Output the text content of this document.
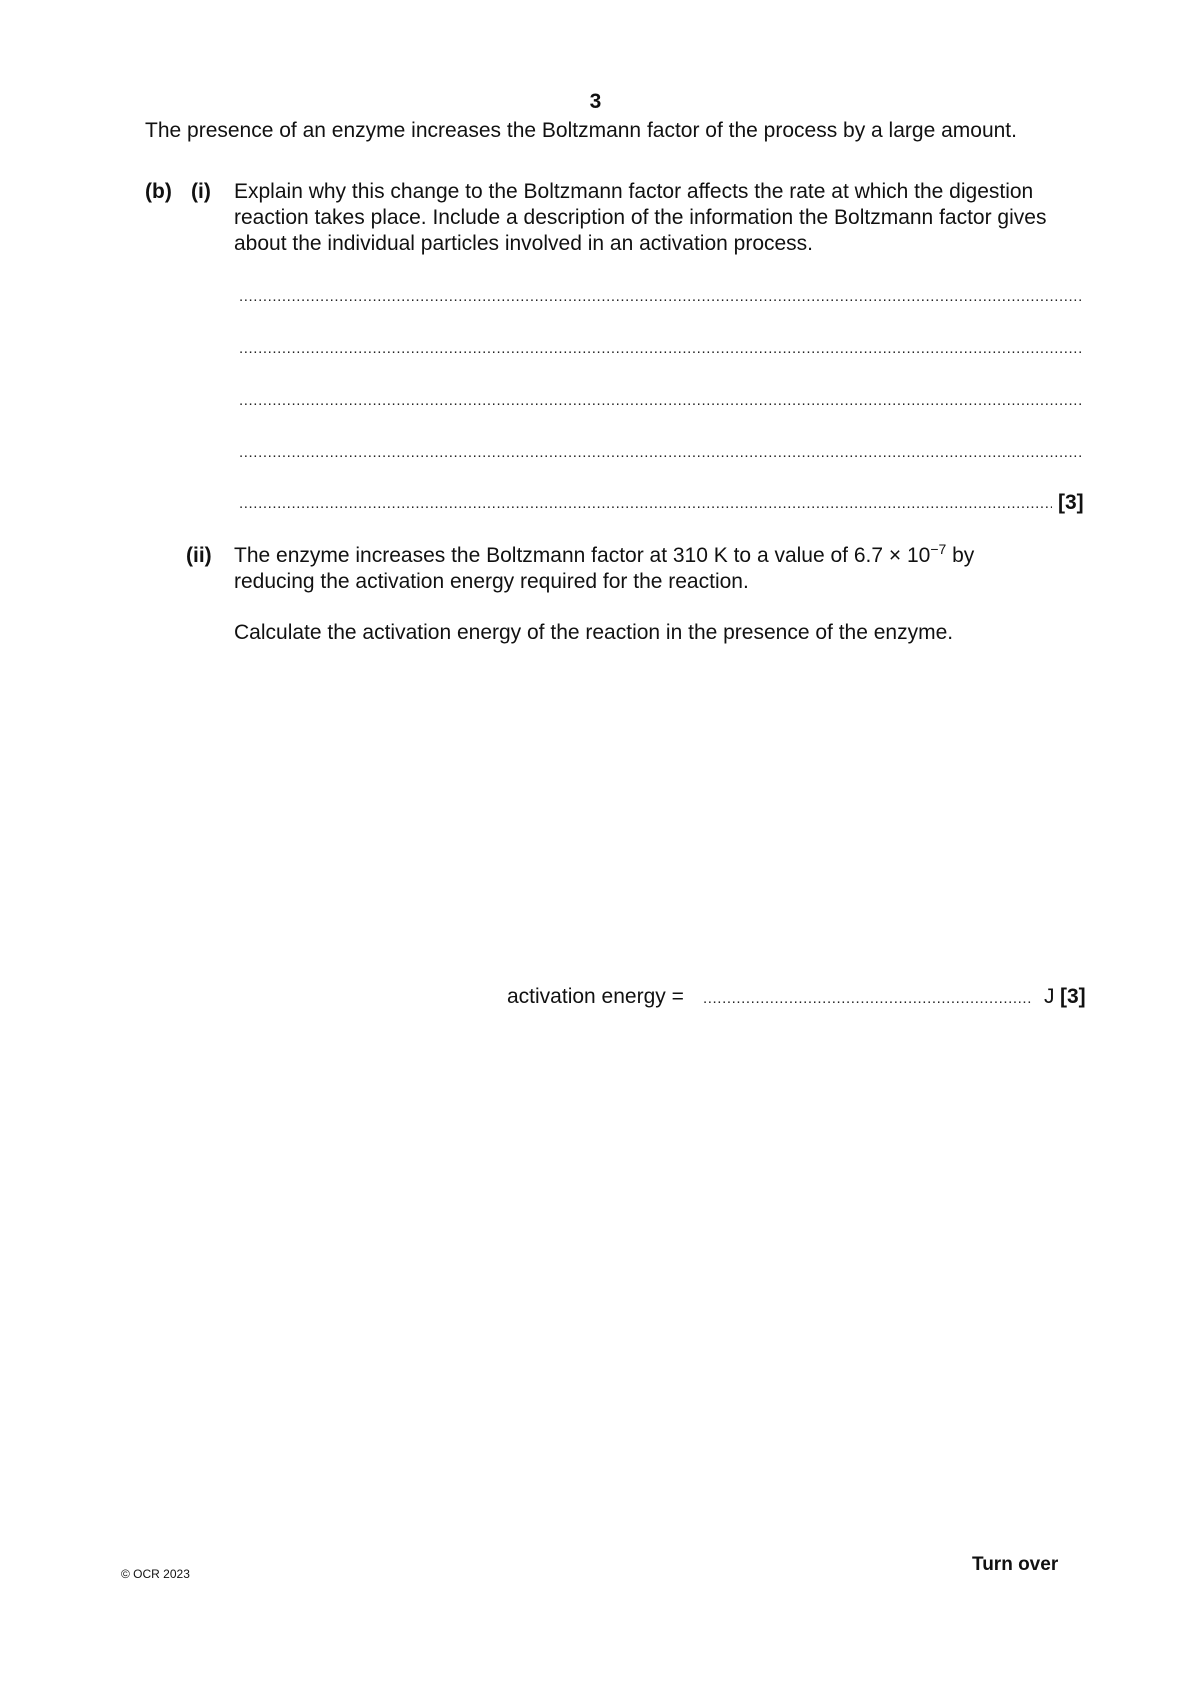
3
The presence of an enzyme increases the Boltzmann factor of the process by a large amount.
(b) (i) Explain why this change to the Boltzmann factor affects the rate at which the digestion
reaction takes place. Include a description of the information the Boltzmann factor gives
about the individual particles involved in an activation process.
.....
.....
.....
.....
.....
[3]
(ii) The enzyme increases the Boltzmann factor at 310 K to a value of $6.7 \times 10^{-7}$ by
reducing the activation energy required for the reaction.
Calculate the activation energy of the reaction in the presence of the enzyme.
activation energy =
.....	J [3]
© OCR 2023	Turn over
